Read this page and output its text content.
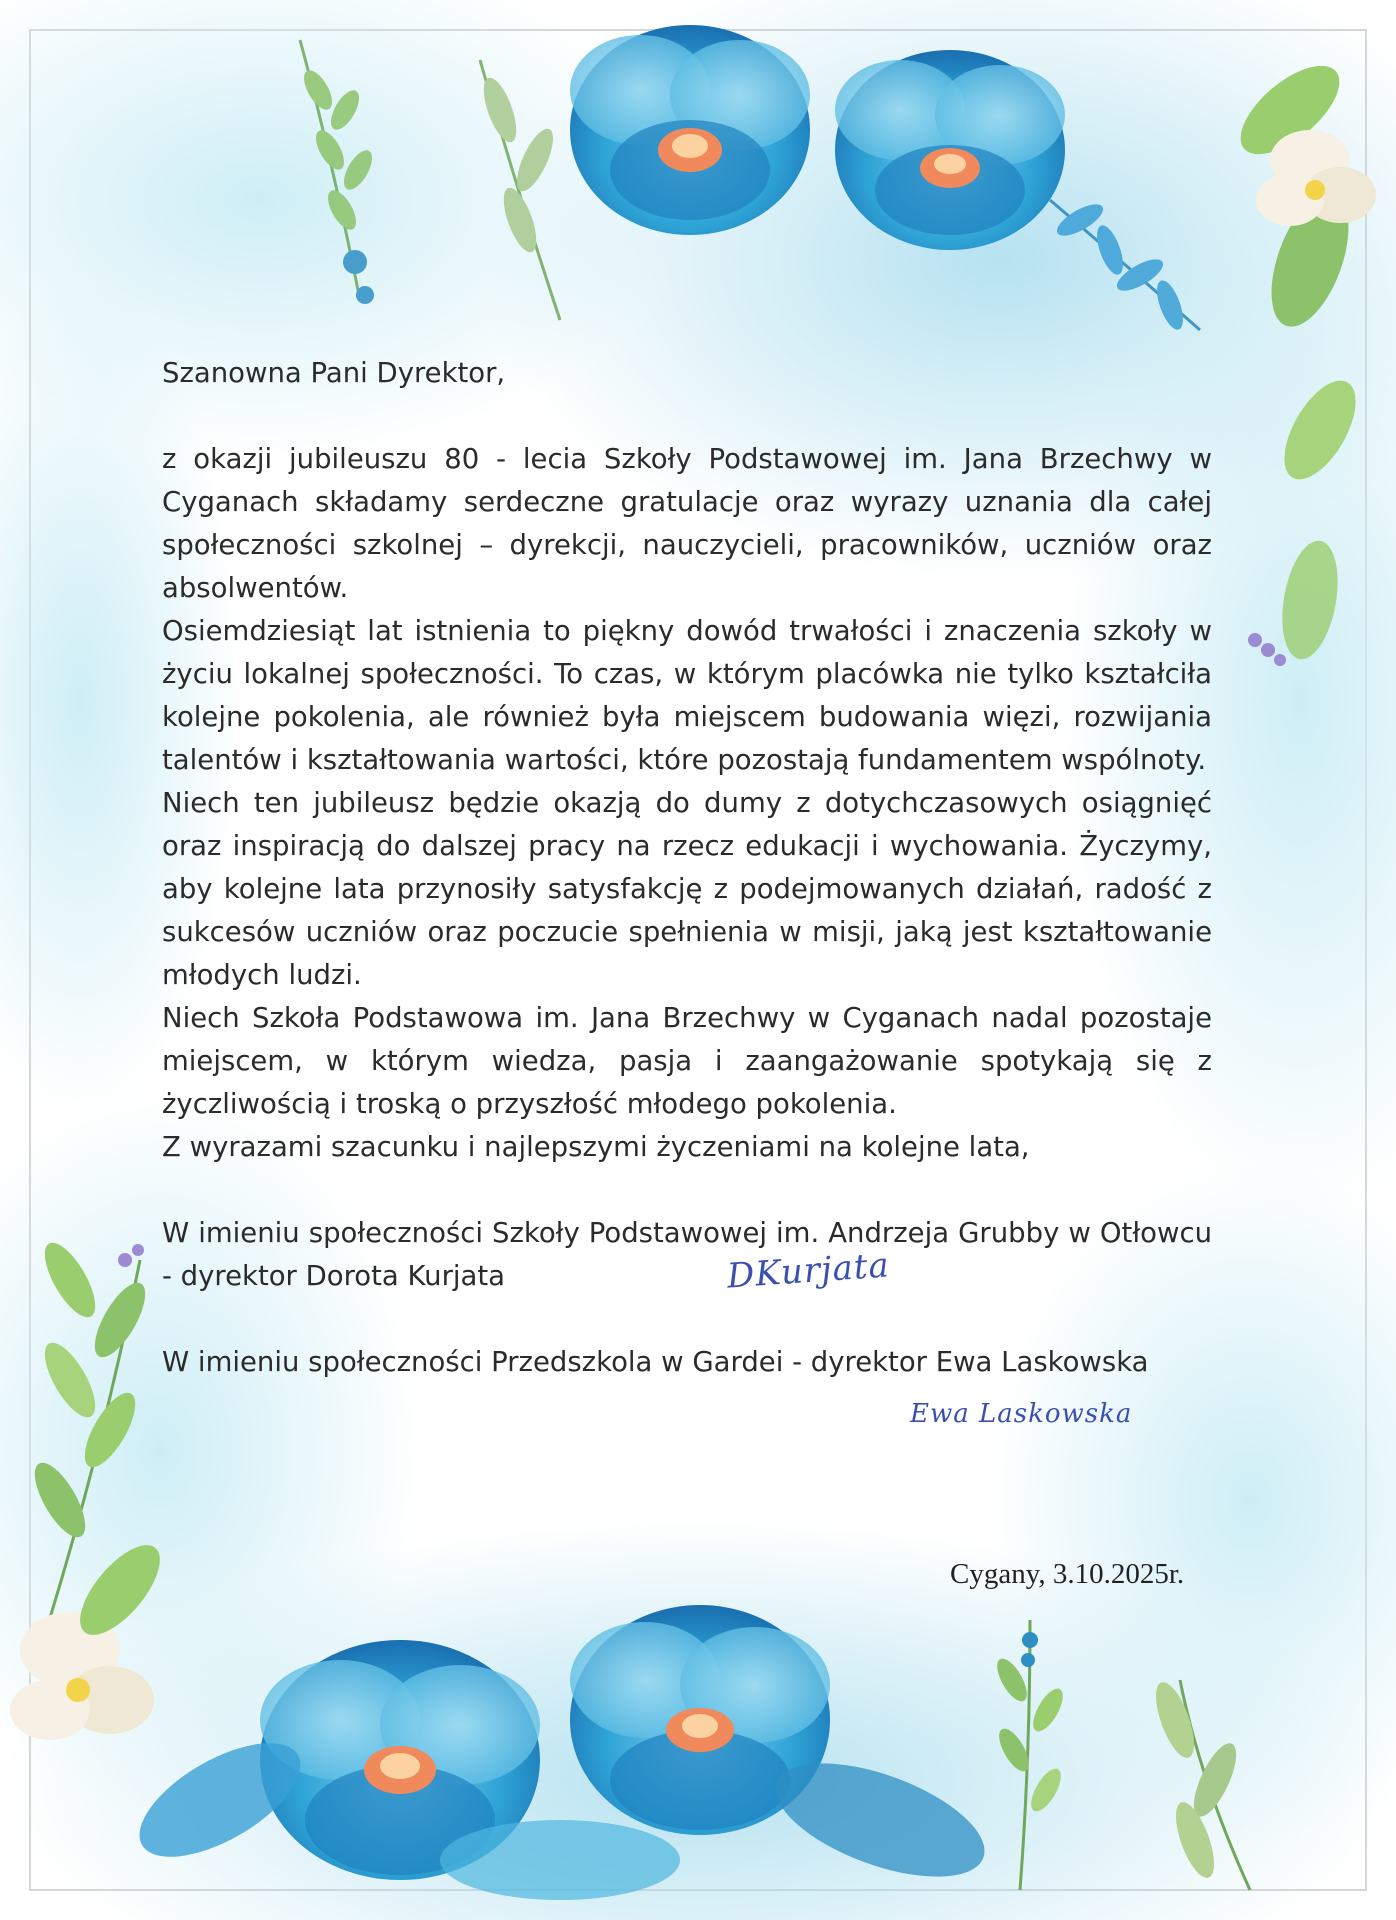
Szanowna Pani Dyrektor,

z okazji jubileuszu 80 - lecia Szkoły Podstawowej im. Jana Brzechwy w Cyganach składamy serdeczne gratulacje oraz wyrazy uznania dla całej społeczności szkolnej – dyrekcji, nauczycieli, pracowników, uczniów oraz absolwentów.

Osiemdziesiąt lat istnienia to piękny dowód trwałości i znaczenia szkoły w życiu lokalnej społeczności. To czas, w którym placówka nie tylko kształciła kolejne pokolenia, ale również była miejscem budowania więzi, rozwijania talentów i kształtowania wartości, które pozostają fundamentem wspólnoty.

Niech ten jubileusz będzie okazją do dumy z dotychczasowych osiągnięć oraz inspiracją do dalszej pracy na rzecz edukacji i wychowania. Życzymy, aby kolejne lata przynosiły satysfakcję z podejmowanych działań, radość z sukcesów uczniów oraz poczucie spełnienia w misji, jaką jest kształtowanie młodych ludzi.

Niech Szkoła Podstawowa im. Jana Brzechwy w Cyganach nadal pozostaje miejscem, w którym wiedza, pasja i zaangażowanie spotykają się z życzliwością i troską o przyszłość młodego pokolenia.

Z wyrazami szacunku i najlepszymi życzeniami na kolejne lata,

W imieniu społeczności Szkoły Podstawowej im. Andrzeja Grubby w Otłowcu - dyrektor Dorota Kurjata	DKurjata

W imieniu społeczności Przedszkola w Gardei - dyrektor Ewa Laskowska

Ewa Laskowska
Cygany, 3.10.2025r.
